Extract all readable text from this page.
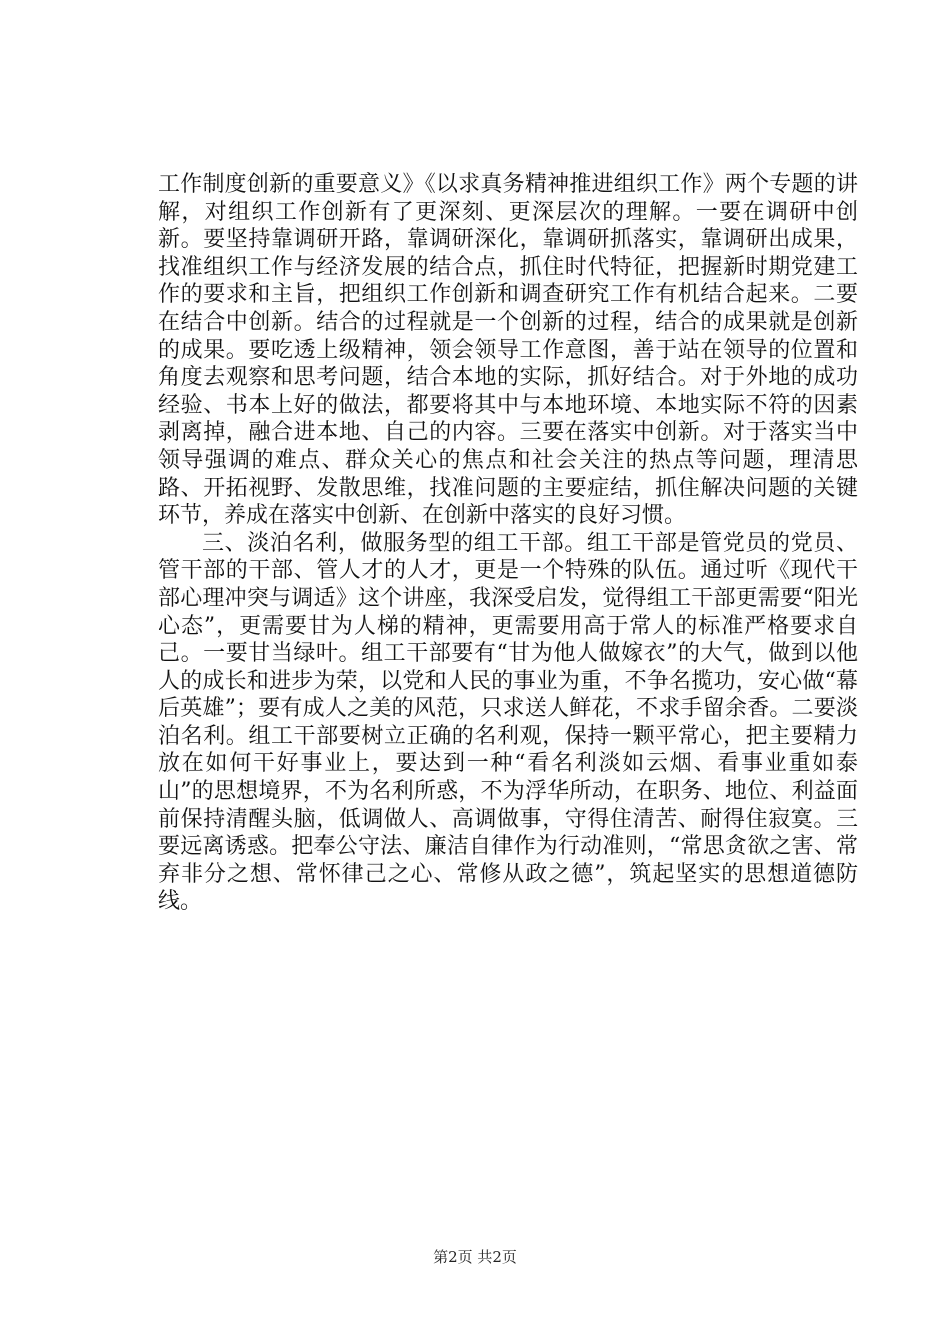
工作制度创新的重要意义》《以求真务精神推进组织工作》两个专题的讲解，对组织工作创新有了更深刻、更深层次的理解。一要在调研中创新。要坚持靠调研开路，靠调研深化，靠调研抓落实，靠调研出成果，找准组织工作与经济发展的结合点，抓住时代特征，把握新时期党建工作的要求和主旨，把组织工作创新和调查研究工作有机结合起来。二要在结合中创新。结合的过程就是一个创新的过程，结合的成果就是创新的成果。要吃透上级精神，领会领导工作意图，善于站在领导的位置和角度去观察和思考问题，结合本地的实际，抓好结合。对于外地的成功经验、书本上好的做法，都要将其中与本地环境、本地实际不符的因素剥离掉，融合进本地、自己的内容。三要在落实中创新。对于落实当中领导强调的难点、群众关心的焦点和社会关注的热点等问题，理清思路、开拓视野、发散思维，找准问题的主要症结，抓住解决问题的关键环节，养成在落实中创新、在创新中落实的良好习惯。

三、淡泊名利，做服务型的组工干部。组工干部是管党员的党员、管干部的干部、管人才的人才，更是一个特殊的队伍。通过听《现代干部心理冲突与调适》这个讲座，我深受启发，觉得组工干部更需要“阳光心态”，更需要甘为人梯的精神，更需要用高于常人的标准严格要求自己。一要甘当绿叶。组工干部要有“甘为他人做嫁衣”的大气，做到以他人的成长和进步为荣，以党和人民的事业为重，不争名揽功，安心做“幕后英雄”；要有成人之美的风范，只求送人鲜花，不求手留余香。二要淡泊名利。组工干部要树立正确的名利观，保持一颗平常心，把主要精力放在如何干好事业上，要达到一种“看名利淡如云烟、看事业重如泰山”的思想境界，不为名利所惑，不为浮华所动，在职务、地位、利益面前保持清醒头脑，低调做人、高调做事，守得住清苦、耐得住寂寞。三要远离诱惑。把奉公守法、廉洁自律作为行动准则，“常思贪欲之害、常弃非分之想、常怀律己之心、常修从政之德”，筑起坚实的思想道德防线。

第2页 共2页
